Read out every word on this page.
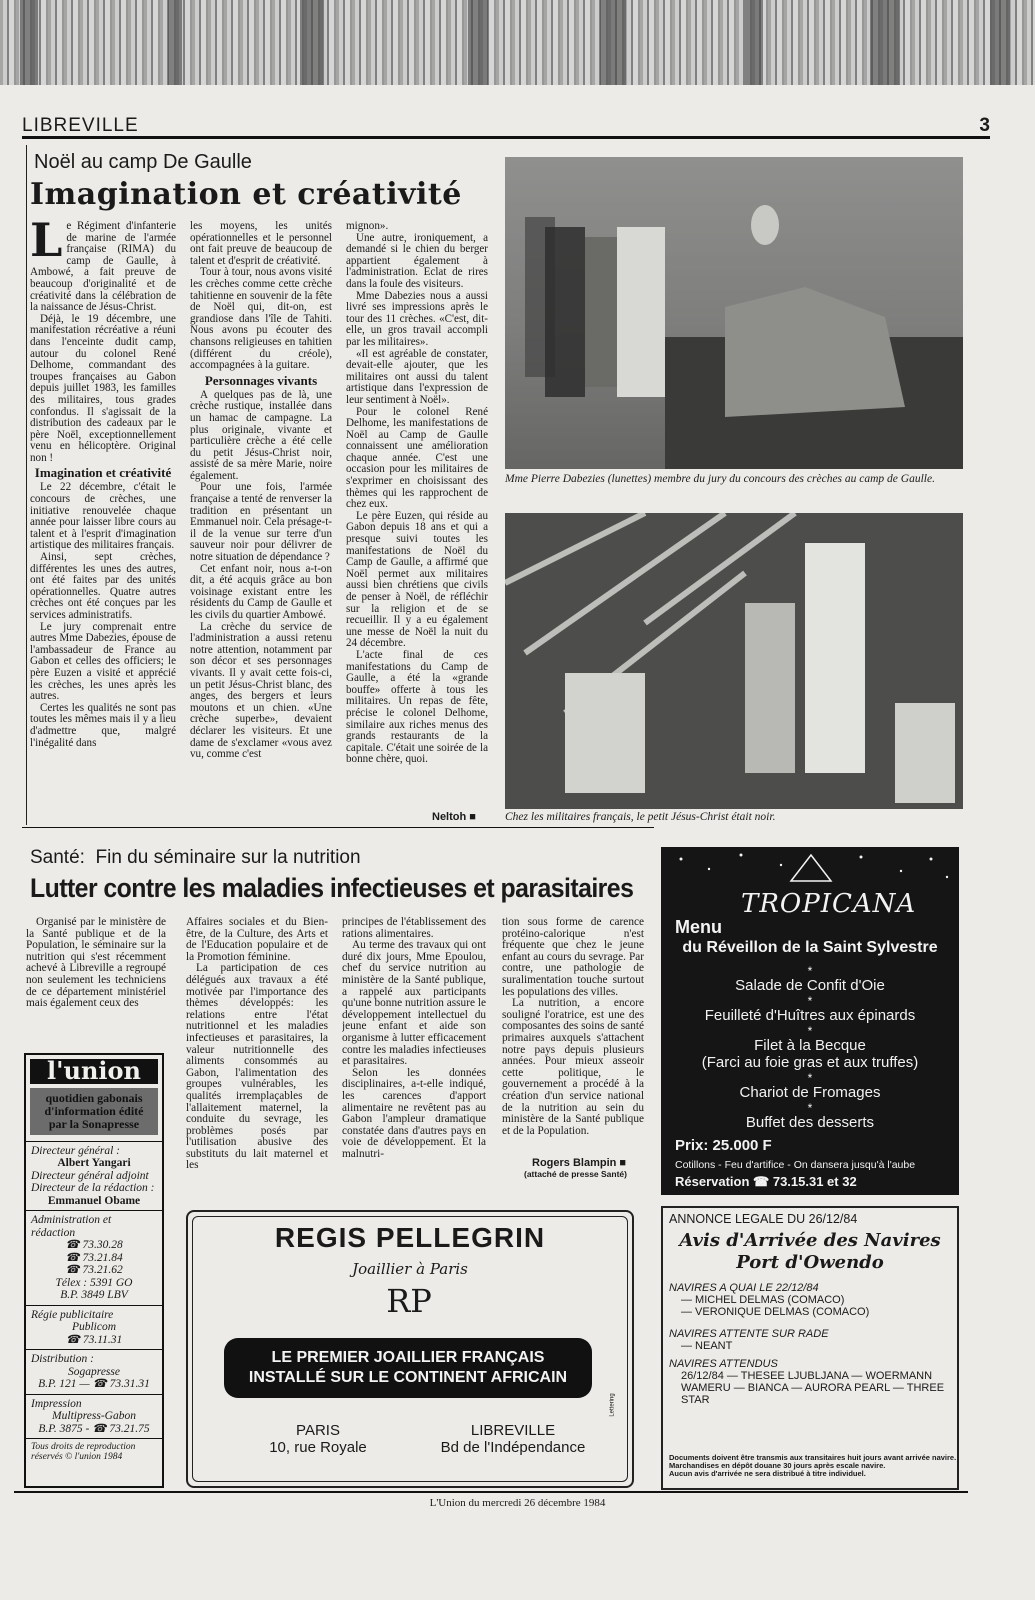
LIBREVILLE	3
Noël au camp De Gaulle
Imagination et créativité
L e Régiment d'infanterie de marine de l'armée française (RIMA) du camp de Gaulle, à Ambowé, a fait preuve de beaucoup d'originalité et de créativité dans la célébration de la naissance de Jésus-Christ.

Déjà, le 19 décembre, une manifestation récréative a réuni dans l'enceinte dudit camp, autour du colonel René Delhome, commandant des troupes françaises au Gabon depuis juillet 1983, les familles des militaires, tous grades confondus. Il s'agissait de la distribution des cadeaux par le père Noël, exceptionnellement venu en hélicoptère. Original non !

Imagination et créativité

Le 22 décembre, c'était le concours de crèches, une initiative renouvelée chaque année pour laisser libre cours au talent et à l'esprit d'imagination artistique des militaires français.

Ainsi, sept crèches, différentes les unes des autres, ont été faites par des unités opérationnelles. Quatre autres crèches ont été conçues par les services administratifs.

Le jury comprenait entre autres Mme Dabezies, épouse de l'ambassadeur de France au Gabon et celles des officiers; le père Euzen a visité et apprécié les crèches, les unes après les autres.

Certes les qualités ne sont pas toutes les mêmes mais il y a lieu d'admettre que, malgré l'inégalité dans

les moyens, les unités opérationnelles et le personnel ont fait preuve de beaucoup de talent et d'esprit de créativité.

Tour à tour, nous avons visité les crèches comme cette crèche tahitienne en souvenir de la fête de Noël qui, dit-on, est grandiose dans l'île de Tahiti. Nous avons pu écouter des chansons religieuses en tahitien (différent du créole), accompagnées à la guitare.

Personnages vivants

A quelques pas de là, une crèche rustique, installée dans un hamac de campagne. La plus originale, vivante et particulière crèche a été celle du petit Jésus-Christ noir, assisté de sa mère Marie, noire également.

Pour une fois, l'armée française a tenté de renverser la tradition en présentant un Emmanuel noir. Cela présage-t-il de la venue sur terre d'un sauveur noir pour délivrer de notre situation de dépendance ?

Cet enfant noir, nous a-t-on dit, a été acquis grâce au bon voisinage existant entre les résidents du Camp de Gaulle et les civils du quartier Ambowé.

La crèche du service de l'administration a aussi retenu notre attention, notamment par son décor et ses personnages vivants. Il y avait cette fois-ci, un petit Jésus-Christ blanc, des anges, des bergers et leurs moutons et un chien. «Une crèche superbe», devaient déclarer les visiteurs. Et une dame de s'exclamer «vous avez vu, comme c'est

mignon».

Une autre, ironiquement, a demandé si le chien du berger appartient également à l'administration. Eclat de rires dans la foule des visiteurs.

Mme Dabezies nous a aussi livré ses impressions après le tour des 11 crèches. «C'est, dit-elle, un gros travail accompli par les militaires».

«Il est agréable de constater, devait-elle ajouter, que les militaires ont aussi du talent artistique dans l'expression de leur sentiment à Noël».

Pour le colonel René Delhome, les manifestations de Noël au Camp de Gaulle connaissent une amélioration chaque année. C'est une occasion pour les militaires de s'exprimer en choisissant des thèmes qui les rapprochent de chez eux.

Le père Euzen, qui réside au Gabon depuis 18 ans et qui a presque suivi toutes les manifestations de Noël du Camp de Gaulle, a affirmé que Noël permet aux militaires aussi bien chrétiens que civils de penser à Noël, de réfléchir sur la religion et de se recueillir. Il y a eu également une messe de Noël la nuit du 24 décembre.

L'acte final de ces manifestations du Camp de Gaulle, a été la «grande bouffe» offerte à tous les militaires. Un repas de fête, précise le colonel Delhome, similaire aux riches menus des grands restaurants de la capitale. C'était une soirée de la bonne chère, quoi.

Neltoh ■
Mme Pierre Dabezies (lunettes) membre du jury du concours des crèches au camp de Gaulle.
Chez les militaires français, le petit Jésus-Christ était noir.
Santé: Fin du séminaire sur la nutrition
Lutter contre les maladies infectieuses et parasitaires

Organisé par le ministère de la Santé publique et de la Population, le séminaire sur la nutrition qui s'est récemment achevé à Libreville a regroupé non seulement les techniciens de ce département ministériel mais également ceux des

Affaires sociales et du Bien-être, de la Culture, des Arts et de l'Education populaire et de la Promotion féminine.

La participation de ces délégués aux travaux a été motivée par l'importance des thèmes développés: les relations entre l'état nutritionnel et les maladies infectieuses et parasitaires, la valeur nutritionnelle des aliments consommés au Gabon, l'alimentation des groupes vulnérables, les qualités irremplaçables de l'allaitement maternel, la conduite du sevrage, les problèmes posés par l'utilisation abusive des substituts du lait maternel et les

principes de l'établissement des rations alimentaires.

Au terme des travaux qui ont duré dix jours, Mme Epoulou, chef du service nutrition au ministère de la Santé publique, a rappelé aux participants qu'une bonne nutrition assure le développement intellectuel du jeune enfant et aide son organisme à lutter efficacement contre les maladies infectieuses et parasitaires.

Selon les données disciplinaires, a-t-elle indiqué, les carences d'apport alimentaire ne revêtent pas au Gabon l'ampleur dramatique constatée dans d'autres pays en voie de développement. Et la malnutri-

tion sous forme de carence protéino-calorique n'est fréquente que chez le jeune enfant au cours du sevrage. Par contre, une pathologie de suralimentation touche surtout les populations des villes.

La nutrition, a encore souligné l'oratrice, est une des composantes des soins de santé primaires auxquels s'attachent notre pays depuis plusieurs années. Pour mieux asseoir cette politique, le gouvernement a procédé à la création d'un service national de la nutrition au sein du ministère de la Santé publique et de la Population.

Rogers Blampin ■
(attaché de presse Santé)
l'union
quotidien gabonais d'information édité par la Sonapresse
Directeur général :
Albert Yangari
Directeur général adjoint
Directeur de la rédaction :
Emmanuel Obame
Administration et rédaction
☎ 73.30.28
☎ 73.21.84
☎ 73.21.62
Télex : 5391 GO
B.P. 3849 LBV
Régie publicitaire
Publicom
☎ 73.11.31
Distribution :
Sogapresse
B.P. 121 — ☎ 73.31.31
Impression
Multipress-Gabon
B.P. 3875 - ☎ 73.21.75
Tous droits de reproduction réservés © l'union 1984
TROPICANA
Menu
du Réveillon de la Saint Sylvestre
*
Salade de Confit d'Oie
*
Feuilleté d'Huîtres aux épinards
*
Filet à la Becque
(Farci au foie gras et aux truffes)
*
Chariot de Fromages
*
Buffet des desserts
Prix: 25.000 F
Cotillons - Feu d'artifice - On dansera jusqu'à l'aube
Réservation ☎ 73.15.31 et 32
REGIS PELLEGRIN
Joaillier à Paris
RP
LE PREMIER JOAILLIER FRANÇAIS
INSTALLÉ SUR LE CONTINENT AFRICAIN
PARIS
10, rue Royale
LIBREVILLE
Bd de l'Indépendance
Lettering
ANNONCE LEGALE DU 26/12/84
Avis d'Arrivée des Navires
Port d'Owendo
NAVIRES A QUAI LE 22/12/84
— MICHEL DELMAS (COMACO)
— VERONIQUE DELMAS (COMACO)
NAVIRES ATTENTE SUR RADE
— NEANT
NAVIRES ATTENDUS
26/12/84 — THESEE LJUBLJANA — WOERMANN WAMERU — BIANCA — AURORA PEARL — THREE STAR
Documents doivent être transmis aux transitaires huit jours avant arrivée navire.
Marchandises en dépôt douane 30 jours après escale navire.
Aucun avis d'arrivée ne sera distribué à titre individuel.
L'Union du mercredi 26 décembre 1984
